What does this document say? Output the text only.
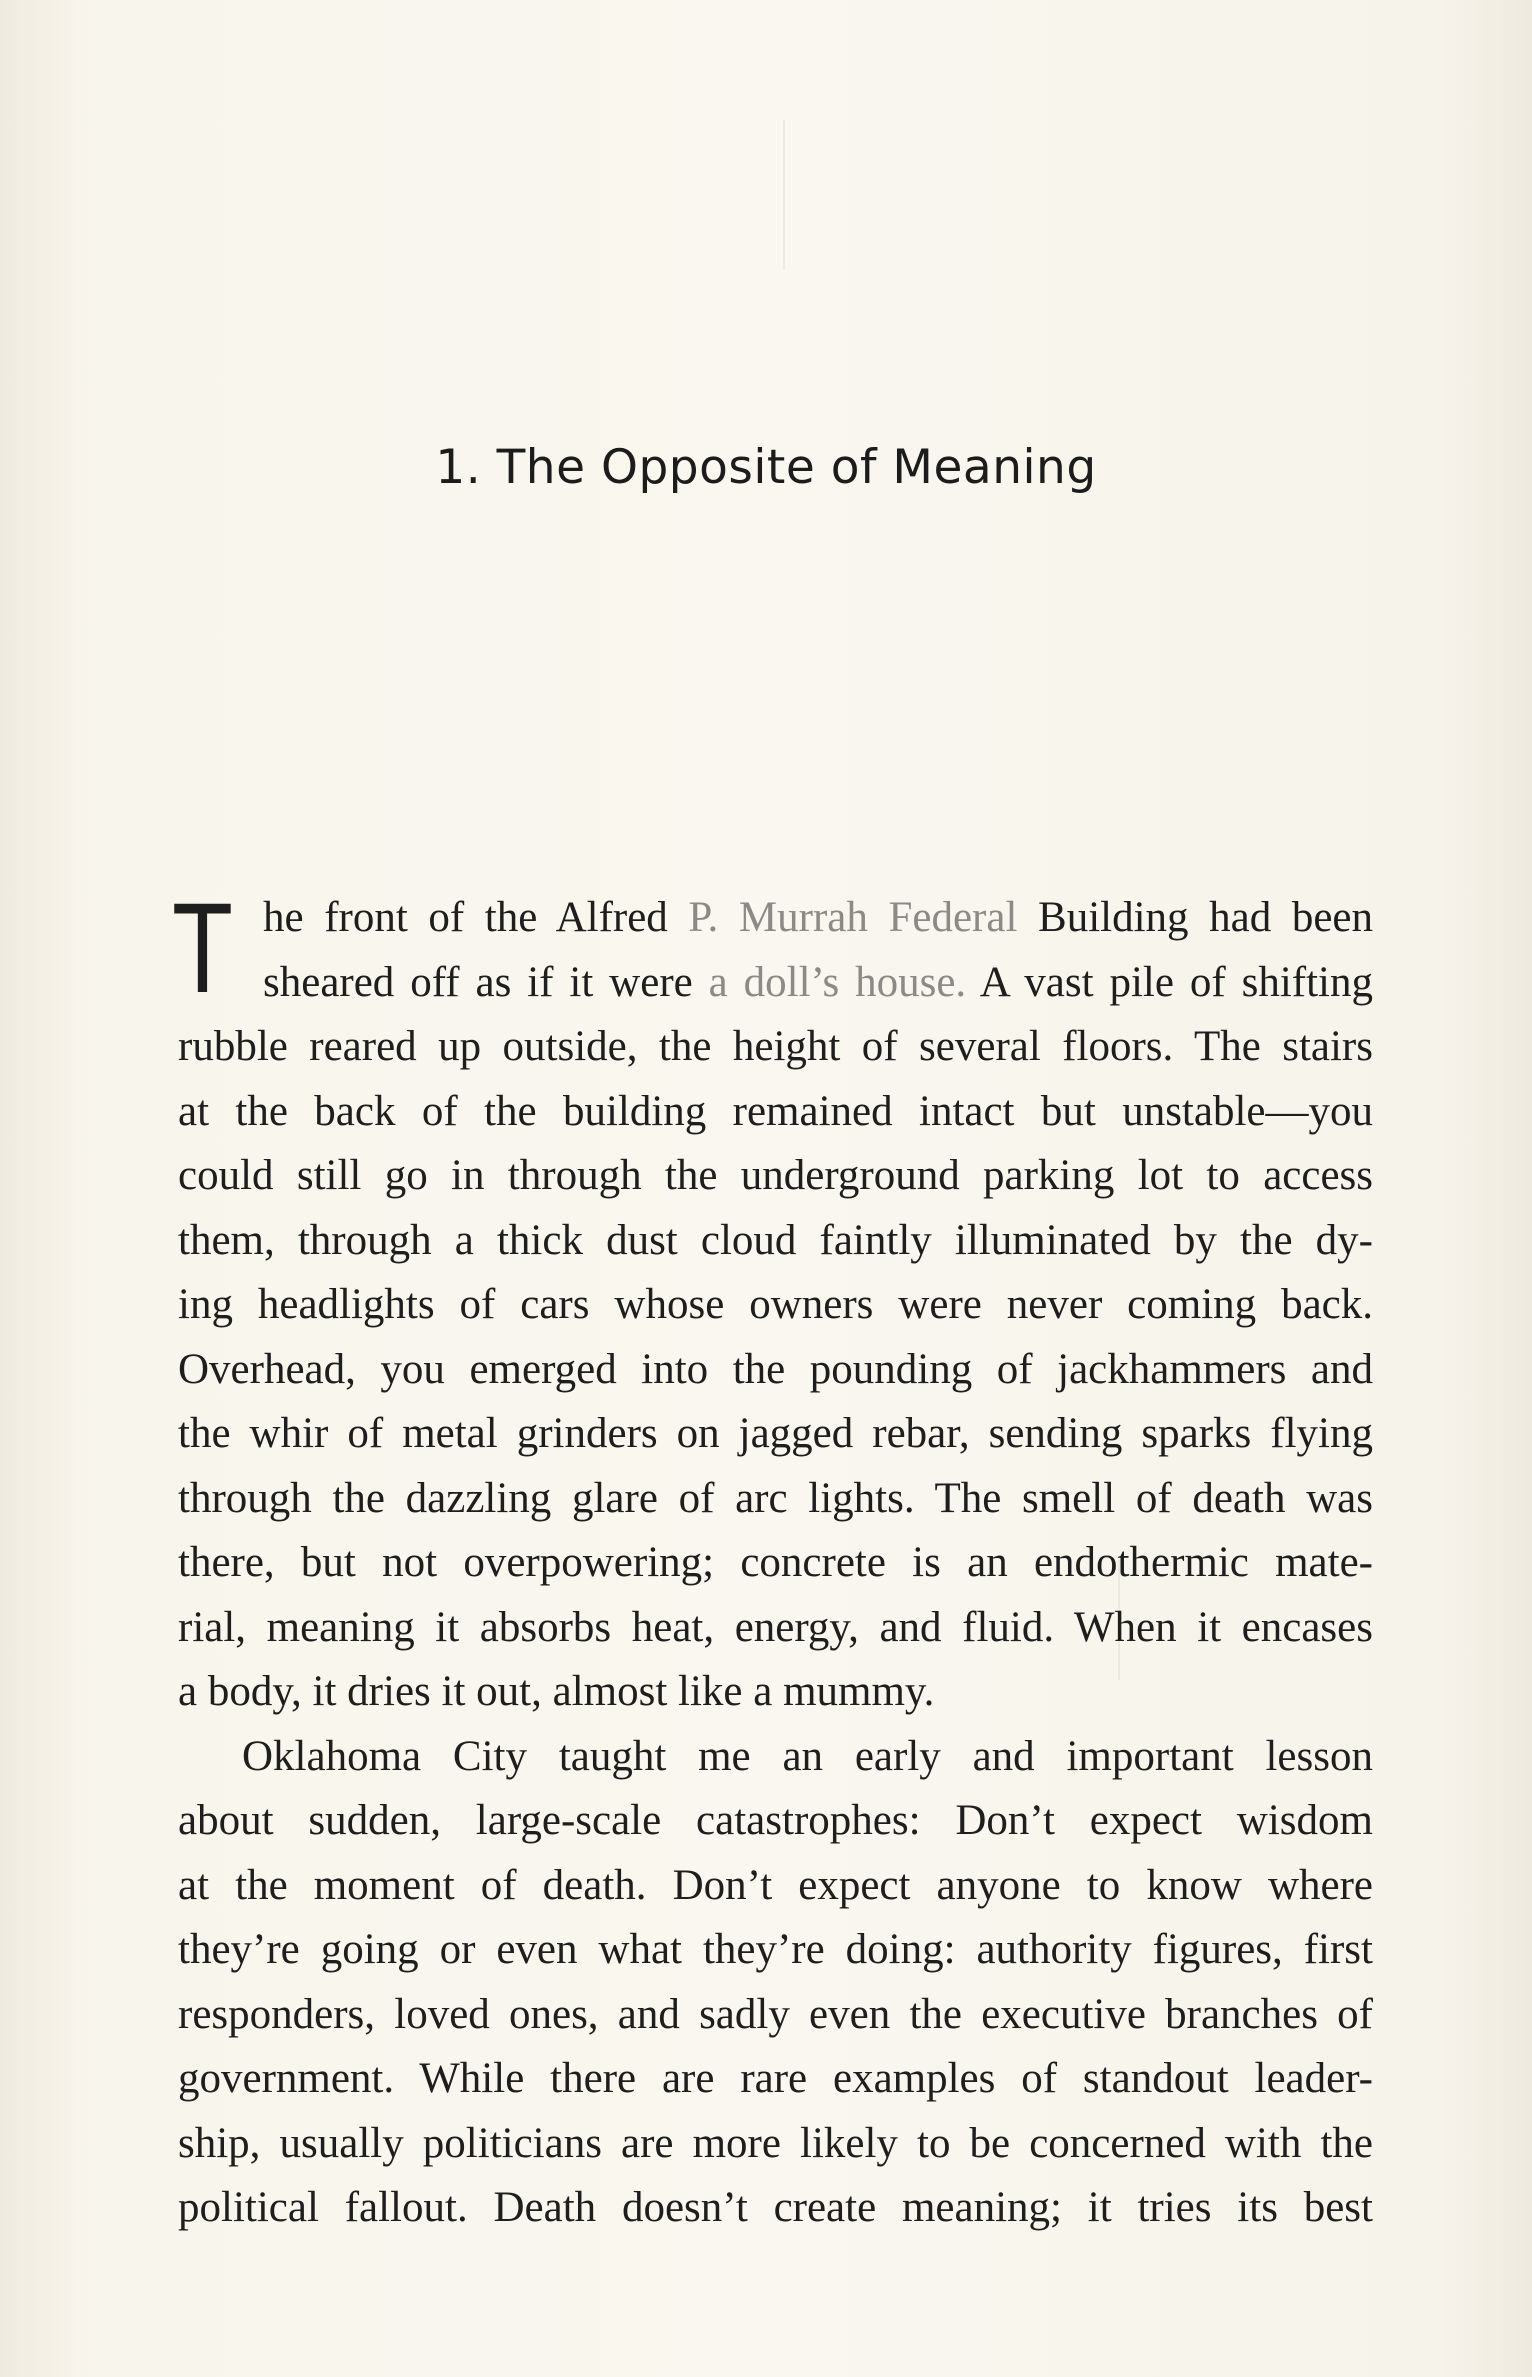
1. The Opposite of Meaning
T he front of the Alfred P. Murrah Federal Building had been
sheared off as if it were a doll’s house. A vast pile of shifting
rubble reared up outside, the height of several floors. The stairs
at the back of the building remained intact but unstable—you
could still go in through the underground parking lot to access
them, through a thick dust cloud faintly illuminated by the dy-
ing headlights of cars whose owners were never coming back.
Overhead, you emerged into the pounding of jackhammers and
the whir of metal grinders on jagged rebar, sending sparks flying
through the dazzling glare of arc lights. The smell of death was
there, but not overpowering; concrete is an endothermic mate-
rial, meaning it absorbs heat, energy, and fluid. When it encases
a body, it dries it out, almost like a mummy.
Oklahoma City taught me an early and important lesson
about sudden, large-scale catastrophes: Don’t expect wisdom
at the moment of death. Don’t expect anyone to know where
they’re going or even what they’re doing: authority figures, first
responders, loved ones, and sadly even the executive branches of
government. While there are rare examples of standout leader-
ship, usually politicians are more likely to be concerned with the
political fallout. Death doesn’t create meaning; it tries its best
